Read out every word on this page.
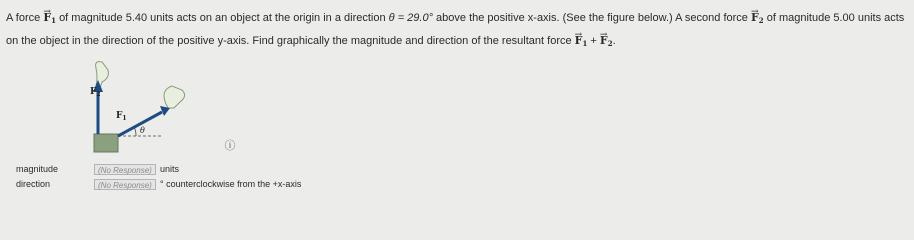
A force → $F_1$ of magnitude 5.40 units acts on an object at the origin in a direction θ = 29.0° above the positive x-axis. (See the figure below.) A second force → $F_2$ of magnitude 5.00 units acts on the object in the direction of the positive y-axis. Find graphically the magnitude and direction of the resultant force → $F_1$ + → $F_2$.
$F_2$
$F_1$
θ
ⓘ
magnitude	(No Response) units
direction	(No Response) ° counterclockwise from the +x-axis
